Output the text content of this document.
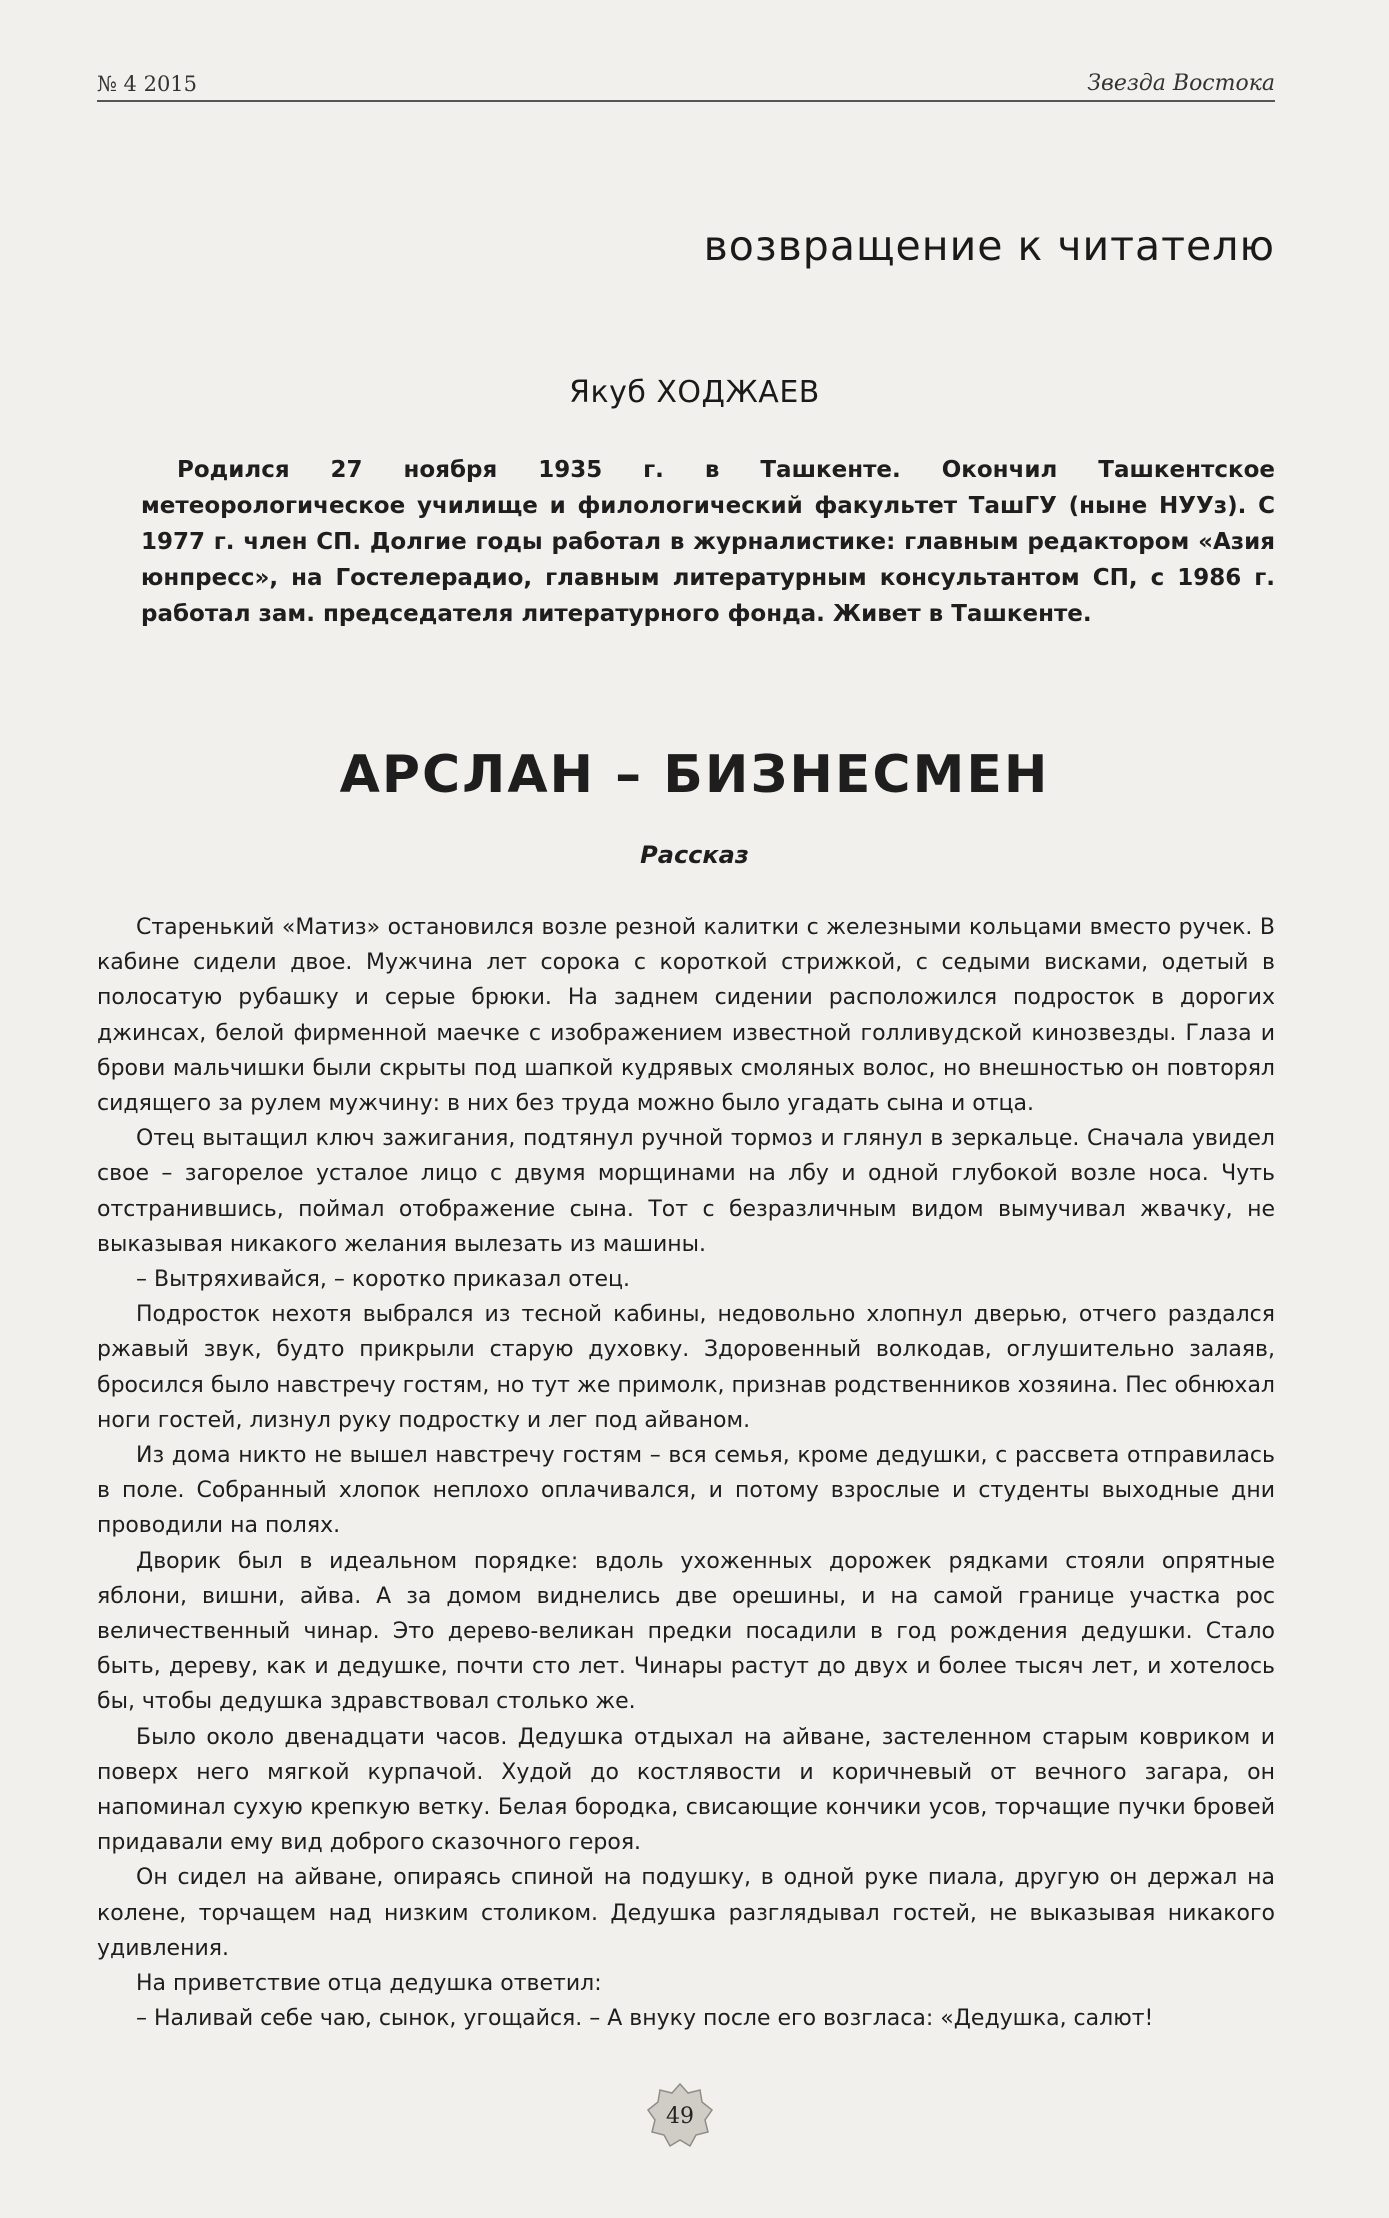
№ 4 2015	Звезда Востока
возвращение к читателю
Якуб ХОДЖАЕВ

Родился 27 ноября 1935 г. в Ташкенте. Окончил Ташкентское метеорологическое училище и филологический факультет ТашГУ (ныне НУУз). С 1977 г. член СП. Долгие годы работал в журналистике: главным редактором «Азия юнпресс», на Гостелерадио, главным литературным консультантом СП, с 1986 г. работал зам. председателя литературного фонда. Живет в Ташкенте.

АРСЛАН – БИЗНЕСМЕН
Рассказ

Старенький «Матиз» остановился возле резной калитки с железными кольцами вместо ручек. В кабине сидели двое. Мужчина лет сорока с короткой стрижкой, с седыми висками, одетый в полосатую рубашку и серые брюки. На заднем сидении расположился подросток в дорогих джинсах, белой фирменной маечке с изображением известной голливудской кинозвезды. Глаза и брови мальчишки были скрыты под шапкой кудрявых смоляных волос, но внешностью он повторял сидящего за рулем мужчину: в них без труда можно было угадать сына и отца.

Отец вытащил ключ зажигания, подтянул ручной тормоз и глянул в зеркальце. Сначала увидел свое – загорелое усталое лицо с двумя морщинами на лбу и одной глубокой возле носа. Чуть отстранившись, поймал отображение сына. Тот с безразличным видом вымучивал жвачку, не выказывая никакого желания вылезать из машины.

– Вытряхивайся, – коротко приказал отец.

Подросток нехотя выбрался из тесной кабины, недовольно хлопнул дверью, отчего раздался ржавый звук, будто прикрыли старую духовку. Здоровенный волкодав, оглушительно залаяв, бросился было навстречу гостям, но тут же примолк, признав родственников хозяина. Пес обнюхал ноги гостей, лизнул руку подростку и лег под айваном.

Из дома никто не вышел навстречу гостям – вся семья, кроме дедушки, с рассвета отправилась в поле. Собранный хлопок неплохо оплачивался, и потому взрослые и студенты выходные дни проводили на полях.

Дворик был в идеальном порядке: вдоль ухоженных дорожек рядками стояли опрятные яблони, вишни, айва. А за домом виднелись две орешины, и на самой границе участка рос величественный чинар. Это дерево-великан предки посадили в год рождения дедушки. Стало быть, дереву, как и дедушке, почти сто лет. Чинары растут до двух и более тысяч лет, и хотелось бы, чтобы дедушка здравствовал столько же.

Было около двенадцати часов. Дедушка отдыхал на айване, застеленном старым ковриком и поверх него мягкой курпачой. Худой до костлявости и коричневый от вечного загара, он напоминал сухую крепкую ветку. Белая бородка, свисающие кончики усов, торчащие пучки бровей придавали ему вид доброго сказочного героя.

Он сидел на айване, опираясь спиной на подушку, в одной руке пиала, другую он держал на колене, торчащем над низким столиком. Дедушка разглядывал гостей, не выказывая никакого удивления.

На приветствие отца дедушка ответил:

– Наливай себе чаю, сынок, угощайся. – А внуку после его возгласа: «Дедушка, салют!

49
